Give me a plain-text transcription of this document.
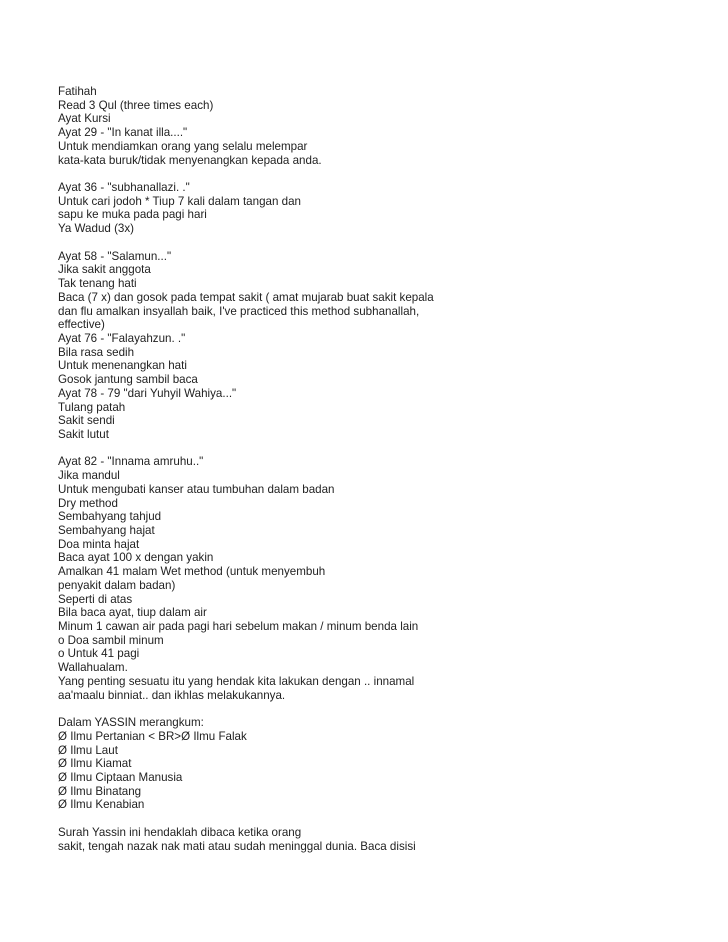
Fatihah
Read 3 Qul (three times each)
Ayat Kursi
Ayat 29 - "In kanat illa...."
Untuk mendiamkan orang yang selalu melempar
kata-kata buruk/tidak menyenangkan kepada anda.
Ayat 36 - "subhanallazi. ."
Untuk cari jodoh * Tiup 7 kali dalam tangan dan
sapu ke muka pada pagi hari
Ya Wadud (3x)
Ayat 58 - "Salamun..."
Jika sakit anggota
Tak tenang hati
Baca (7 x) dan gosok pada tempat sakit ( amat mujarab buat sakit kepala
dan flu amalkan insyallah baik, I've practiced this method subhanallah,
effective)
Ayat 76 - "Falayahzun. ."
Bila rasa sedih
Untuk menenangkan hati
Gosok jantung sambil baca
Ayat 78 - 79 "dari Yuhyil Wahiya..."
Tulang patah
Sakit sendi
Sakit lutut
Ayat 82 - "Innama amruhu.."
Jika mandul
Untuk mengubati kanser atau tumbuhan dalam badan
Dry method
Sembahyang tahjud
Sembahyang hajat
Doa minta hajat
Baca ayat 100 x dengan yakin
Amalkan 41 malam Wet method (untuk menyembuh
penyakit dalam badan)
Seperti di atas
Bila baca ayat, tiup dalam air
Minum 1 cawan air pada pagi hari sebelum makan / minum benda lain
o Doa sambil minum
o Untuk 41 pagi
Wallahualam.
Yang penting sesuatu itu yang hendak kita lakukan dengan .. innamal
aa'maalu binniat.. dan ikhlas melakukannya.
Dalam YASSIN merangkum:
Ø Ilmu Pertanian < BR>Ø Ilmu Falak
Ø Ilmu Laut
Ø Ilmu Kiamat
Ø Ilmu Ciptaan Manusia
Ø Ilmu Binatang
Ø Ilmu Kenabian
Surah Yassin ini hendaklah dibaca ketika orang
sakit, tengah nazak nak mati atau sudah meninggal dunia. Baca disisi
